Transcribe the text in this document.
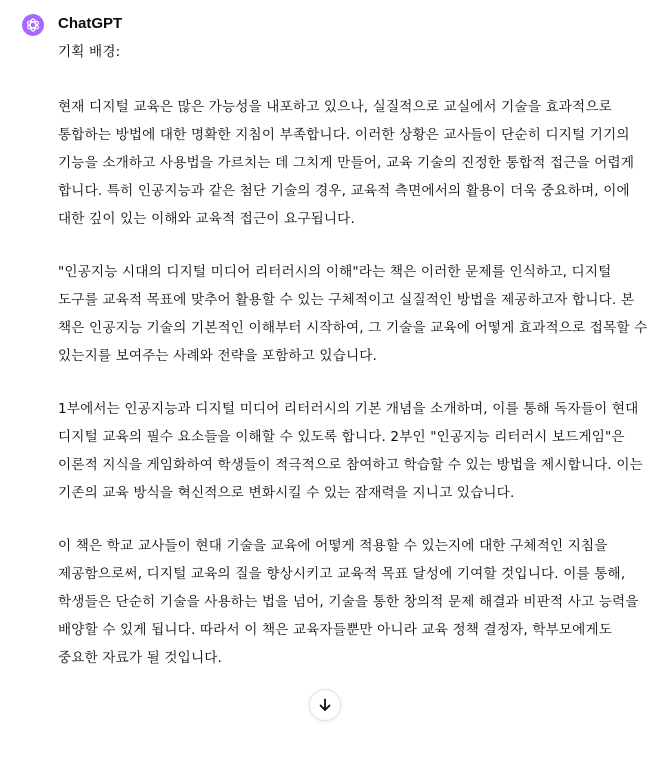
ChatGPT

기획 배경:

현재 디지털 교육은 많은 가능성을 내포하고 있으나, 실질적으로 교실에서 기술을 효과적으로 통합하는 방법에 대한 명확한 지침이 부족합니다. 이러한 상황은 교사들이 단순히 디지털 기기의 기능을 소개하고 사용법을 가르치는 데 그치게 만들어, 교육 기술의 진정한 통합적 접근을 어렵게 합니다. 특히 인공지능과 같은 첨단 기술의 경우, 교육적 측면에서의 활용이 더욱 중요하며, 이에 대한 깊이 있는 이해와 교육적 접근이 요구됩니다.

"인공지능 시대의 디지털 미디어 리터러시의 이해"라는 책은 이러한 문제를 인식하고, 디지털 도구를 교육적 목표에 맞추어 활용할 수 있는 구체적이고 실질적인 방법을 제공하고자 합니다. 본 책은 인공지능 기술의 기본적인 이해부터 시작하여, 그 기술을 교육에 어떻게 효과적으로 접목할 수 있는지를 보여주는 사례와 전략을 포함하고 있습니다.

1부에서는 인공지능과 디지털 미디어 리터러시의 기본 개념을 소개하며, 이를 통해 독자들이 현대 디지털 교육의 필수 요소들을 이해할 수 있도록 합니다. 2부인 "인공지능 리터러시 보드게임"은 이론적 지식을 게임화하여 학생들이 적극적으로 참여하고 학습할 수 있는 방법을 제시합니다. 이는 기존의 교육 방식을 혁신적으로 변화시킬 수 있는 잠재력을 지니고 있습니다.

이 책은 학교 교사들이 현대 기술을 교육에 어떻게 적용할 수 있는지에 대한 구체적인 지침을 제공함으로써, 디지털 교육의 질을 향상시키고 교육적 목표 달성에 기여할 것입니다. 이를 통해, 학생들은 단순히 기술을 사용하는 법을 넘어, 기술을 통한 창의적 문제 해결과 비판적 사고 능력을 배양할 수 있게 됩니다. 따라서 이 책은 교육자들뿐만 아니라 교육 정책 결정자, 학부모에게도 중요한 자료가 될 것입니다.
